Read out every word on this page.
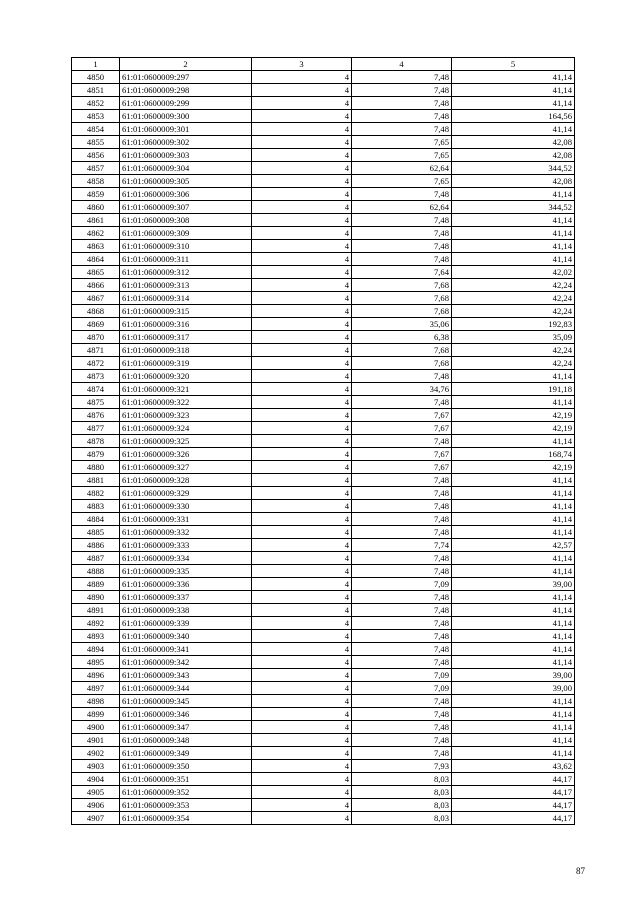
1	2	3	4	5
4850	61:01:0600009:297	4	7,48	41,14
4851	61:01:0600009:298	4	7,48	41,14
4852	61:01:0600009:299	4	7,48	41,14
4853	61:01:0600009:300	4	7,48	164,56
4854	61:01:0600009:301	4	7,48	41,14
4855	61:01:0600009:302	4	7,65	42,08
4856	61:01:0600009:303	4	7,65	42,08
4857	61:01:0600009:304	4	62,64	344,52
4858	61:01:0600009:305	4	7,65	42,08
4859	61:01:0600009:306	4	7,48	41,14
4860	61:01:0600009:307	4	62,64	344,52
4861	61:01:0600009:308	4	7,48	41,14
4862	61:01:0600009:309	4	7,48	41,14
4863	61:01:0600009:310	4	7,48	41,14
4864	61:01:0600009:311	4	7,48	41,14
4865	61:01:0600009:312	4	7,64	42,02
4866	61:01:0600009:313	4	7,68	42,24
4867	61:01:0600009:314	4	7,68	42,24
4868	61:01:0600009:315	4	7,68	42,24
4869	61:01:0600009:316	4	35,06	192,83
4870	61:01:0600009:317	4	6,38	35,09
4871	61:01:0600009:318	4	7,68	42,24
4872	61:01:0600009:319	4	7,68	42,24
4873	61:01:0600009:320	4	7,48	41,14
4874	61:01:0600009:321	4	34,76	191,18
4875	61:01:0600009:322	4	7,48	41,14
4876	61:01:0600009:323	4	7,67	42,19
4877	61:01:0600009:324	4	7,67	42,19
4878	61:01:0600009:325	4	7,48	41,14
4879	61:01:0600009:326	4	7,67	168,74
4880	61:01:0600009:327	4	7,67	42,19
4881	61:01:0600009:328	4	7,48	41,14
4882	61:01:0600009:329	4	7,48	41,14
4883	61:01:0600009:330	4	7,48	41,14
4884	61:01:0600009:331	4	7,48	41,14
4885	61:01:0600009:332	4	7,48	41,14
4886	61:01:0600009:333	4	7,74	42,57
4887	61:01:0600009:334	4	7,48	41,14
4888	61:01:0600009:335	4	7,48	41,14
4889	61:01:0600009:336	4	7,09	39,00
4890	61:01:0600009:337	4	7,48	41,14
4891	61:01:0600009:338	4	7,48	41,14
4892	61:01:0600009:339	4	7,48	41,14
4893	61:01:0600009:340	4	7,48	41,14
4894	61:01:0600009:341	4	7,48	41,14
4895	61:01:0600009:342	4	7,48	41,14
4896	61:01:0600009:343	4	7,09	39,00
4897	61:01:0600009:344	4	7,09	39,00
4898	61:01:0600009:345	4	7,48	41,14
4899	61:01:0600009:346	4	7,48	41,14
4900	61:01:0600009:347	4	7,48	41,14
4901	61:01:0600009:348	4	7,48	41,14
4902	61:01:0600009:349	4	7,48	41,14
4903	61:01:0600009:350	4	7,93	43,62
4904	61:01:0600009:351	4	8,03	44,17
4905	61:01:0600009:352	4	8,03	44,17
4906	61:01:0600009:353	4	8,03	44,17
4907	61:01:0600009:354	4	8,03	44,17
87
